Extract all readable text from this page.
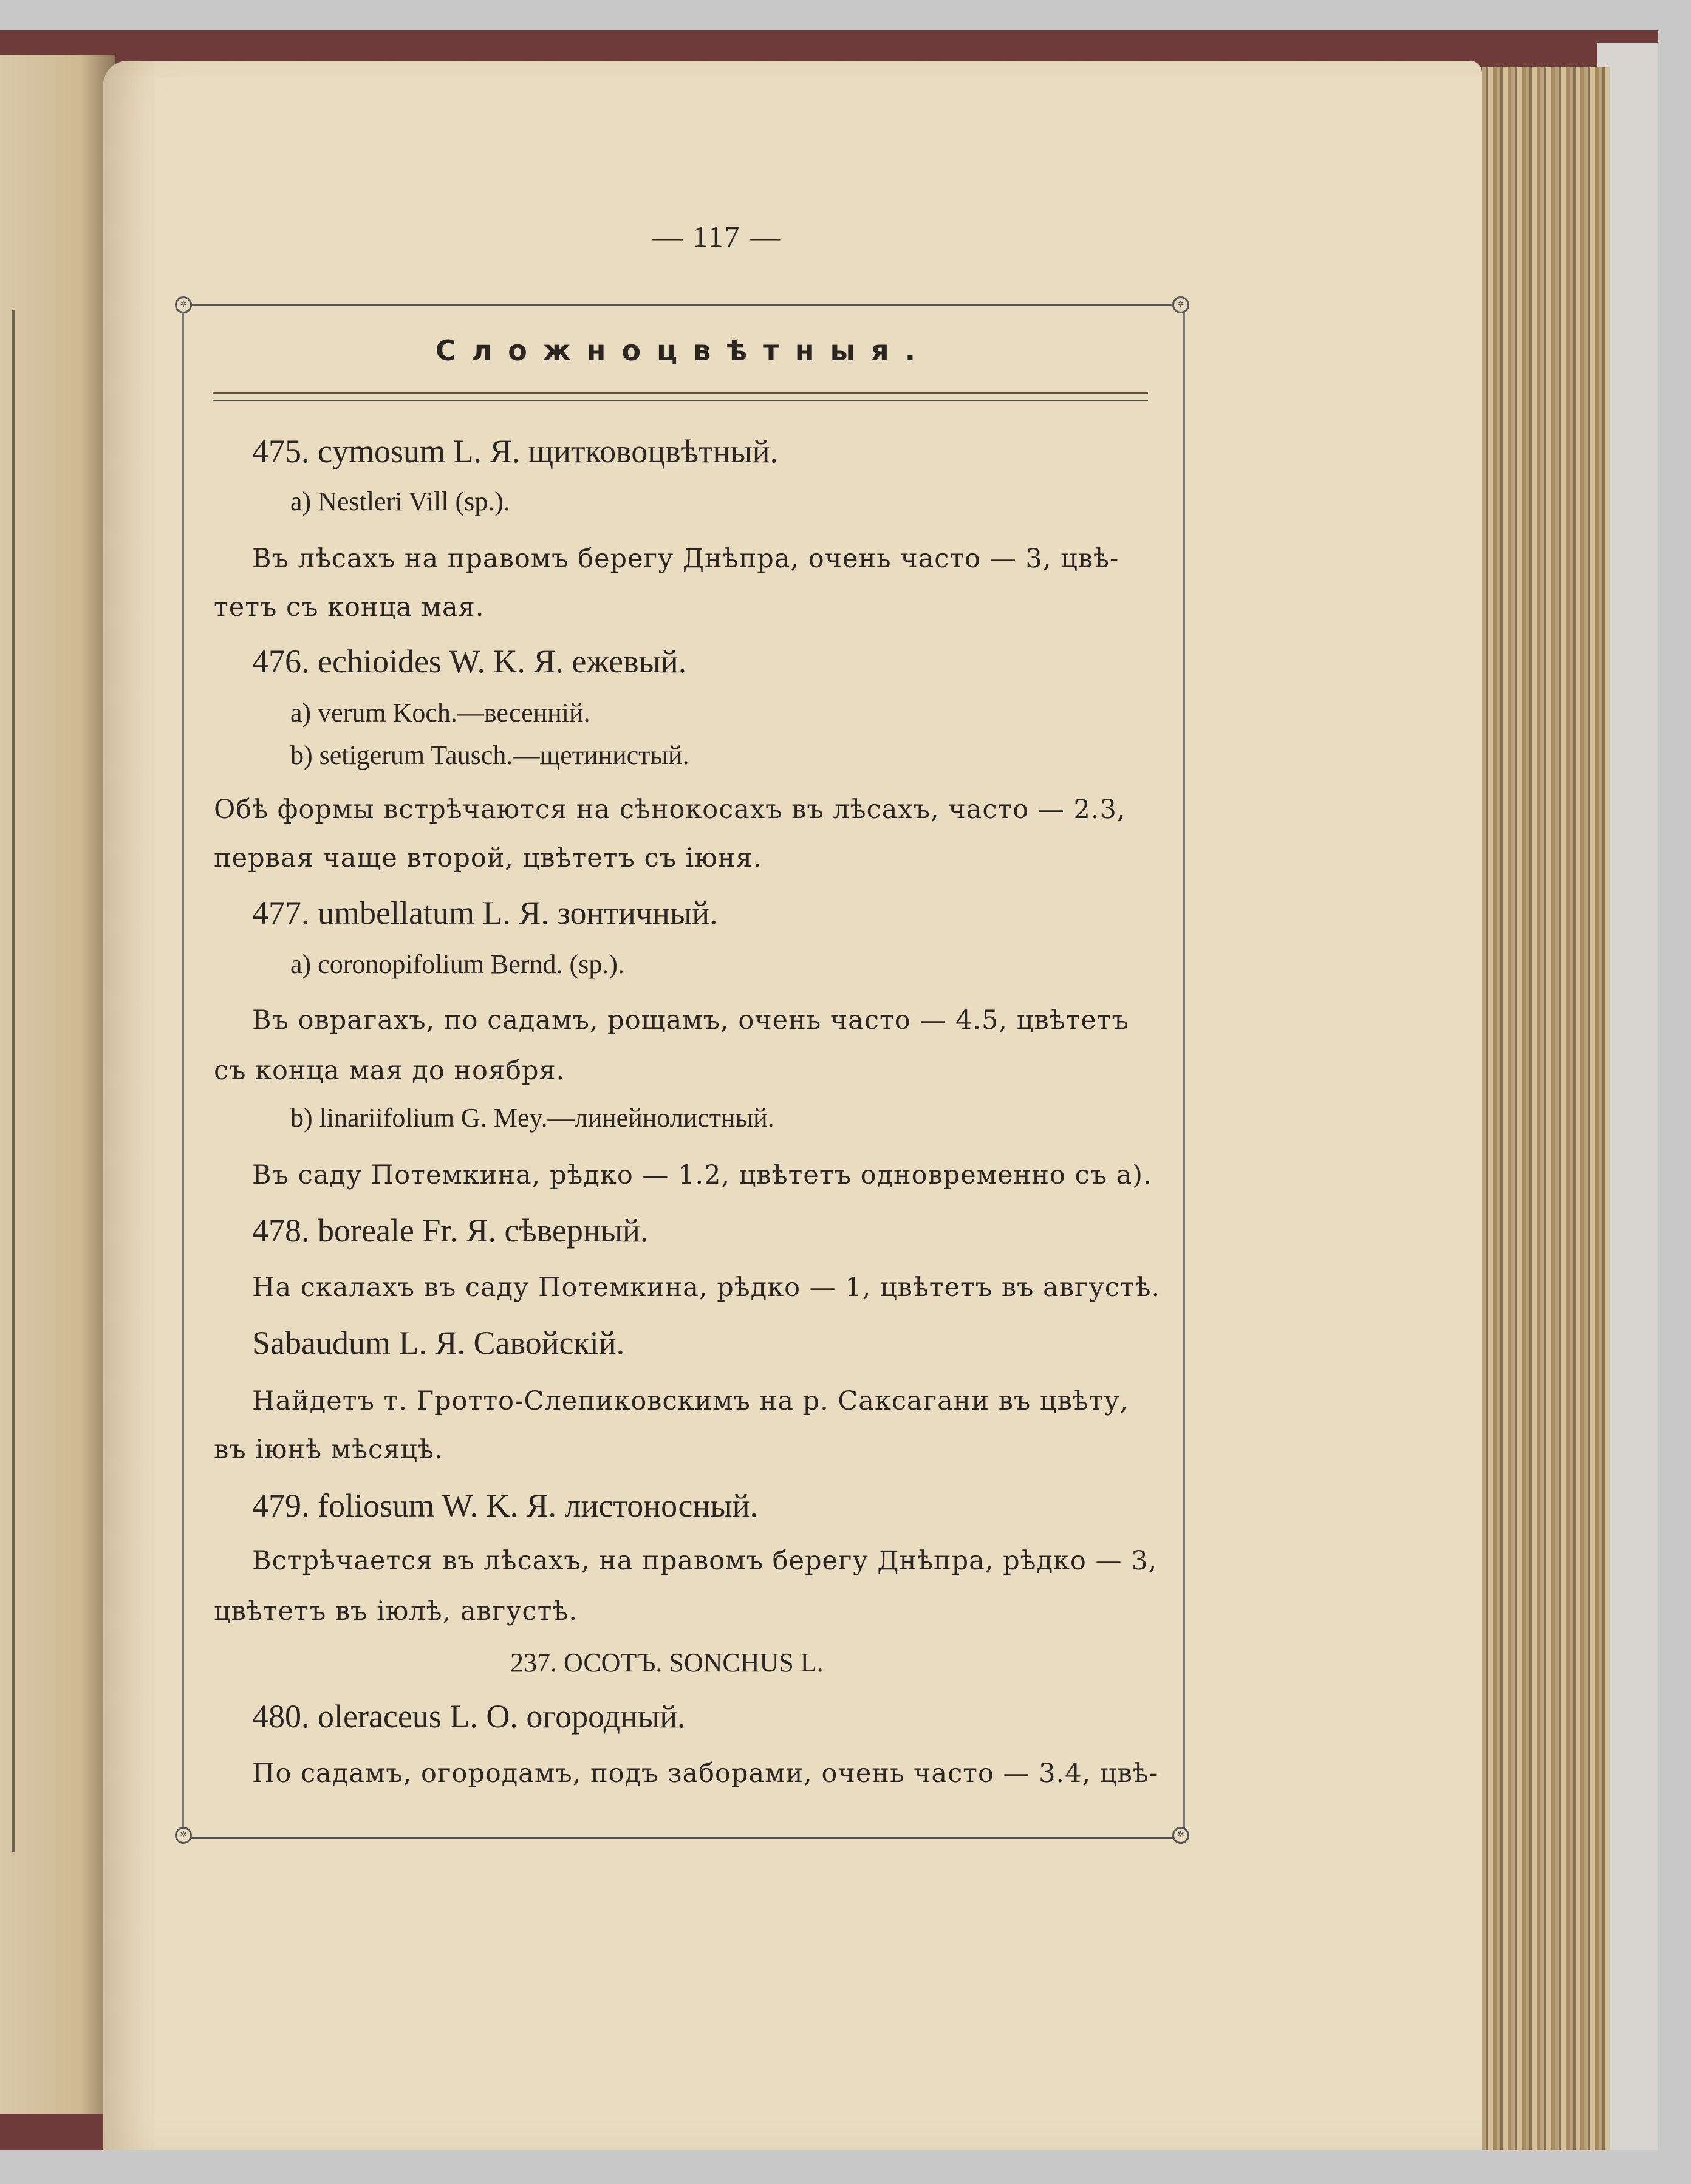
— 117 —
✲	✲
✲	✲
Сложноцвѣтныя.
475. cymosum L. Я. щитковоцвѣтный.
a) Nestleri Vill (sp.).
Въ лѣсахъ на правомъ берегу Днѣпра, очень часто — 3, цвѣ-
тетъ съ конца мая.
476. echioides W. K. Я. ежевый.
a) verum Koch.—весенній.
b) setigerum Tausch.—щетинистый.
Обѣ формы встрѣчаются на сѣнокосахъ въ лѣсахъ, часто — 2.3,
первая чаще второй, цвѣтетъ съ іюня.
477. umbellatum L. Я. зонтичный.
a) coronopifolium Bernd. (sp.).
Въ оврагахъ, по садамъ, рощамъ, очень часто — 4.5, цвѣтетъ
съ конца мая до ноября.
b) linariifolium G. Mey.—линейнолистный.
Въ саду Потемкина, рѣдко — 1.2, цвѣтетъ одновременно съ a).
478. boreale Fr. Я. сѣверный.
На скалахъ въ саду Потемкина, рѣдко — 1, цвѣтетъ въ августѣ.
Sabaudum L. Я. Савойскій.
Найдетъ т. Гротто-Слепиковскимъ на р. Саксагани въ цвѣту,
въ іюнѣ мѣсяцѣ.
479. foliosum W. K. Я. листоносный.
Встрѣчается въ лѣсахъ, на правомъ берегу Днѣпра, рѣдко — 3,
цвѣтетъ въ іюлѣ, августѣ.
237. ОСОТЪ. SONCHUS L.
480. oleraceus L. O. огородный.
По садамъ, огородамъ, подъ заборами, очень часто — 3.4, цвѣ-
